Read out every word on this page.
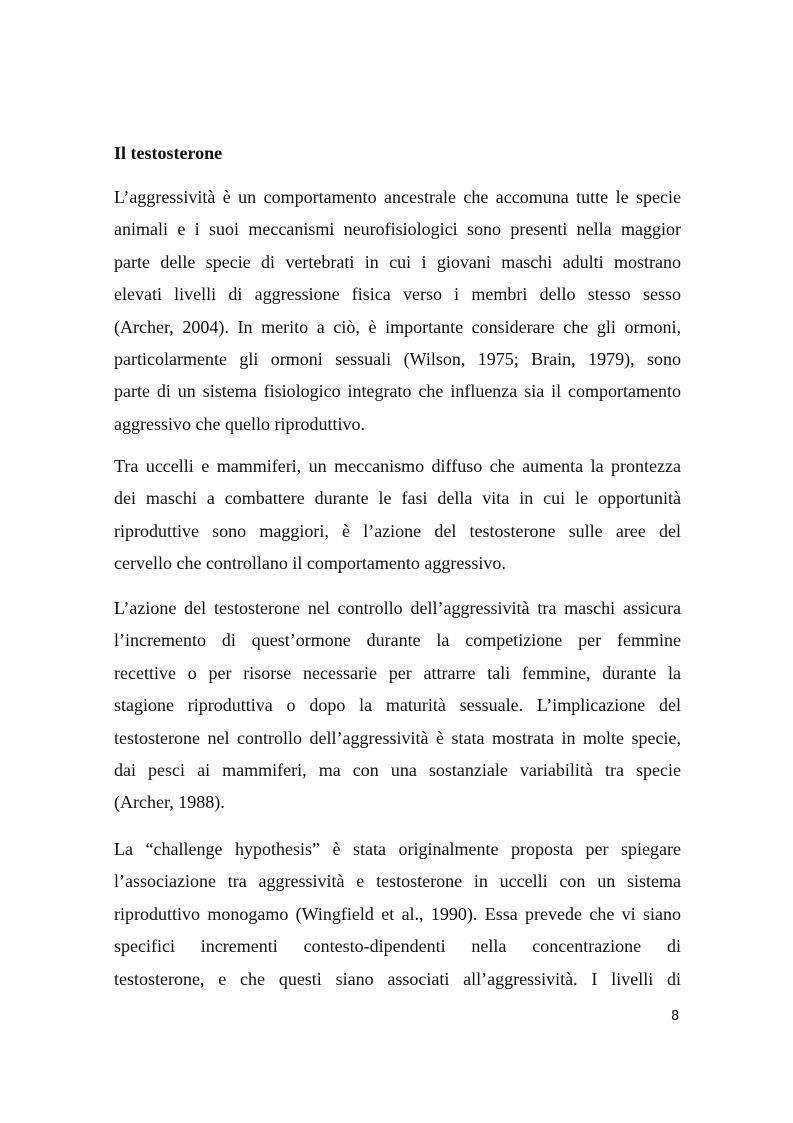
Il testosterone
L’aggressività è un comportamento ancestrale che accomuna tutte le specie
animali e i suoi meccanismi neurofisiologici sono presenti nella maggior
parte delle specie di vertebrati in cui i giovani maschi adulti mostrano
elevati livelli di aggressione fisica verso i membri dello stesso sesso
(Archer, 2004). In merito a ciò, è importante considerare che gli ormoni,
particolarmente gli ormoni sessuali (Wilson, 1975; Brain, 1979), sono
parte di un sistema fisiologico integrato che influenza sia il comportamento
aggressivo che quello riproduttivo.
Tra uccelli e mammiferi, un meccanismo diffuso che aumenta la prontezza
dei maschi a combattere durante le fasi della vita in cui le opportunità
riproduttive sono maggiori, è l’azione del testosterone sulle aree del
cervello che controllano il comportamento aggressivo.
L’azione del testosterone nel controllo dell’aggressività tra maschi assicura
l’incremento di quest’ormone durante la competizione per femmine
recettive o per risorse necessarie per attrarre tali femmine, durante la
stagione riproduttiva o dopo la maturità sessuale. L’implicazione del
testosterone nel controllo dell’aggressività è stata mostrata in molte specie,
dai pesci ai mammiferi, ma con una sostanziale variabilità tra specie
(Archer, 1988).
La “challenge hypothesis” è stata originalmente proposta per spiegare
l’associazione tra aggressività e testosterone in uccelli con un sistema
riproduttivo monogamo (Wingfield et al., 1990). Essa prevede che vi siano
specifici incrementi contesto-dipendenti nella concentrazione di
testosterone, e che questi siano associati all’aggressività. I livelli di
8
